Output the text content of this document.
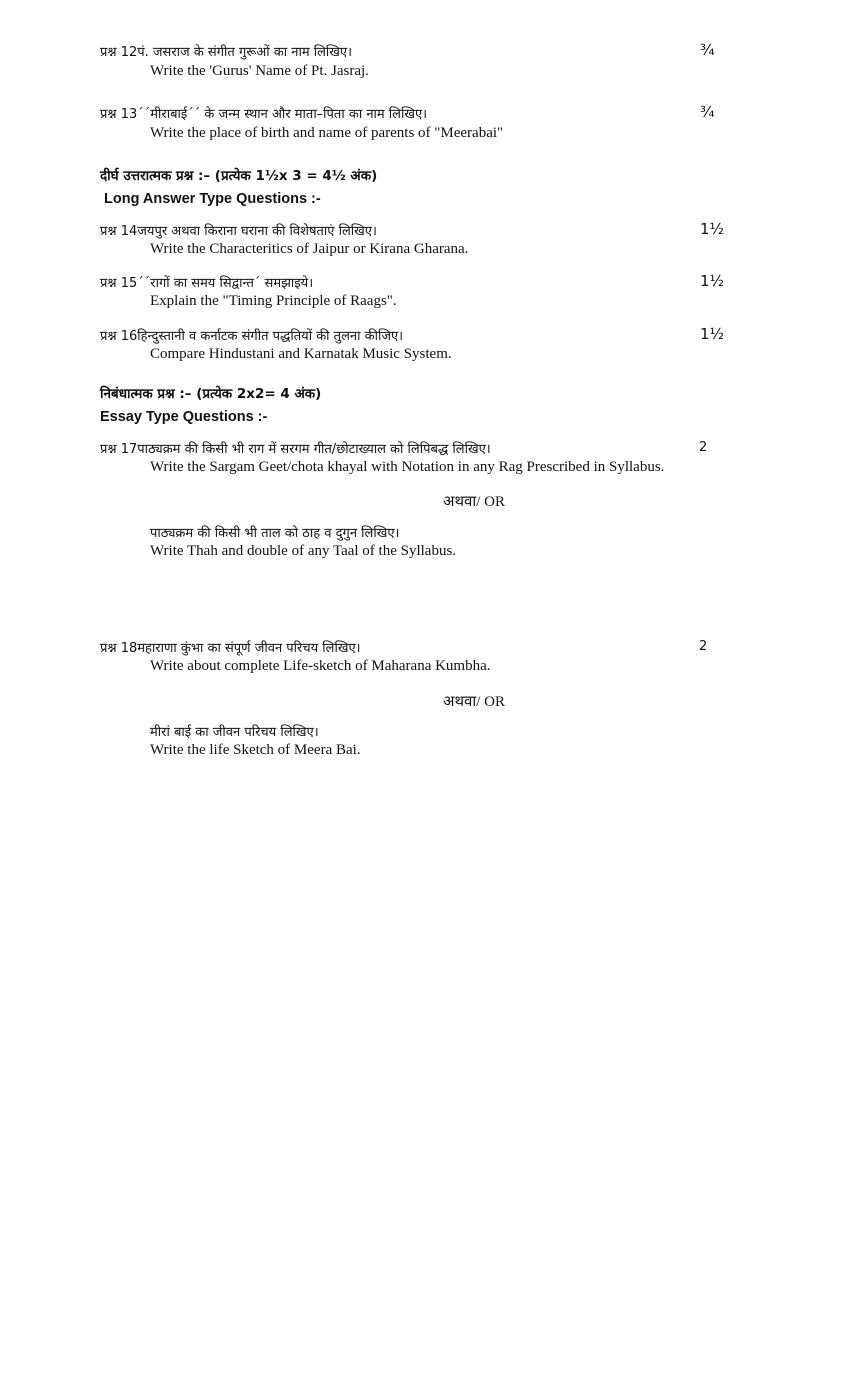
प्रश्न 12पं. जसराज के संगीत गुरूओं का नाम लिखिए।	¾
Write the 'Gurus' Name of Pt. Jasraj.
प्रश्न 13´´मीराबाई´´ के जन्म स्थान और माता–पिता का नाम लिखिए।	¾
Write the place of birth and name of parents of "Meerabai"
दीर्घ उत्तरात्मक प्रश्न :– (प्रत्येक 1½x 3 = 4½ अंक)
Long Answer Type Questions :-
प्रश्न 14जयपुर अथवा किराना घराना की विशेषताएं लिखिए।	1½
Write the Characteritics of Jaipur or Kirana Gharana.
प्रश्न 15´´रागों का समय सिद्वान्त´ समझाइये।	1½
Explain the "Timing Principle of Raags".
प्रश्न 16हिन्दुस्तानी व कर्नाटक संगीत पद्धतियों की तुलना कीजिए।	1½
Compare Hindustani and Karnatak Music System.
निबंधात्मक प्रश्न :– (प्रत्येक 2x2= 4 अंक)
Essay Type Questions :-
प्रश्न 17पाठ्यक्रम की किसी भी राग में सरगम गीत/छोटाख्याल को लिपिबद्ध लिखिए।	2
Write the Sargam Geet/chota khayal with Notation in any Rag Prescribed in Syllabus.
अथवा/ OR
पाठ्यक्रम की किसी भी ताल को ठाह व दुगुन लिखिए।
Write Thah and double of any Taal of the Syllabus.
प्रश्न 18महाराणा कुंभा का संपूर्ण जीवन परिचय लिखिए।	2
Write about complete Life-sketch of Maharana Kumbha.
अथवा/ OR
मीरां बाई का जीवन परिचय लिखिए।
Write the life Sketch of Meera Bai.
